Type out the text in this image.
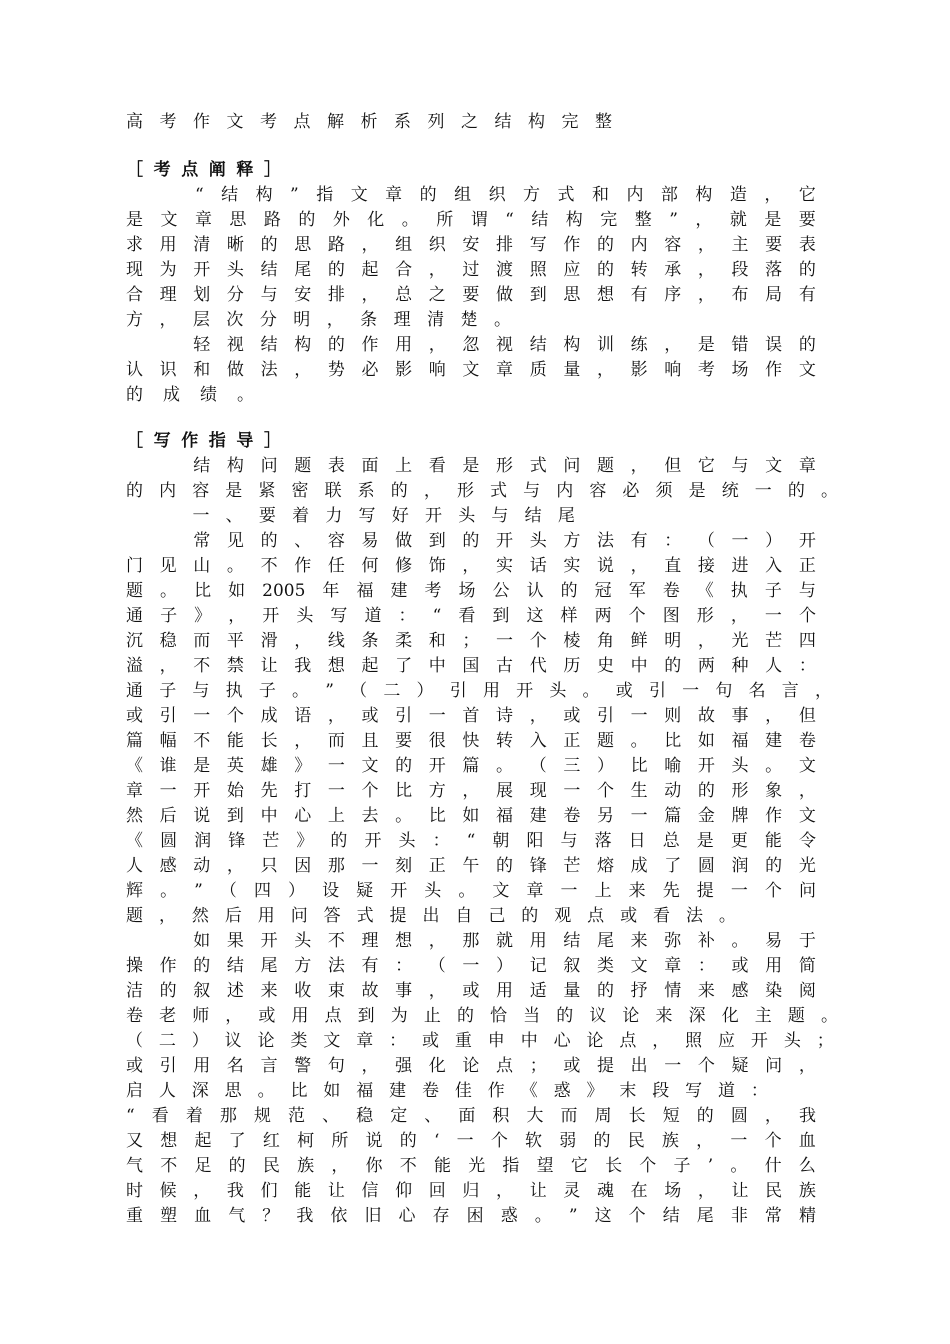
高 考 作 文 考 点 解 析 系 列 之 结 构 完 整
［ 考 点 阐 释 ］

“ 结 构 ” 指 文 章 的 组 织 方 式 和 内 部 构 造 ， 它
是 文 章 思 路 的 外 化 。 所 谓 “ 结 构 完 整 ” ， 就 是 要
求 用 清 晰 的 思 路 ， 组 织 安 排 写 作 的 内 容 ， 主 要 表
现 为 开 头 结 尾 的 起 合 ， 过 渡 照 应 的 转 承 ， 段 落 的
合 理 划 分 与 安 排 ， 总 之 要 做 到 思 想 有 序 ， 布 局 有
方 ， 层 次 分 明 ， 条 理 清 楚 。

轻 视 结 构 的 作 用 ， 忽 视 结 构 训 练 ， 是 错 误 的
认 识 和 做 法 ， 势 必 影 响 文 章 质 量 ， 影 响 考 场 作 文
的 成 绩 。
［ 写 作 指 导 ］

结 构 问 题 表 面 上 看 是 形 式 问 题 ， 但 它 与 文 章
的 内 容 是 紧 密 联 系 的 ， 形 式 与 内 容 必 须 是 统 一 的 。

一 、 要 着 力 写 好 开 头 与 结 尾

常 见 的 、 容 易 做 到 的 开 头 方 法 有 ： （ 一 ） 开
门 见 山 。 不 作 任 何 修 饰 ， 实 话 实 说 ， 直 接 进 入 正
题 。 比 如 2005 年 福 建 考 场 公 认 的 冠 军 卷 《 执 子 与
通 子 》 ， 开 头 写 道 ： “ 看 到 这 样 两 个 图 形 ， 一 个
沉 稳 而 平 滑 ， 线 条 柔 和 ； 一 个 棱 角 鲜 明 ， 光 芒 四
溢 ， 不 禁 让 我 想 起 了 中 国 古 代 历 史 中 的 两 种 人 ：
通 子 与 执 子 。 ” （ 二 ） 引 用 开 头 。 或 引 一 句 名 言 ，
或 引 一 个 成 语 ， 或 引 一 首 诗 ， 或 引 一 则 故 事 ， 但
篇 幅 不 能 长 ， 而 且 要 很 快 转 入 正 题 。 比 如 福 建 卷
《 谁 是 英 雄 》 一 文 的 开 篇 。 （ 三 ） 比 喻 开 头 。 文
章 一 开 始 先 打 一 个 比 方 ， 展 现 一 个 生 动 的 形 象 ，
然 后 说 到 中 心 上 去 。 比 如 福 建 卷 另 一 篇 金 牌 作 文
《 圆 润 锋 芒 》 的 开 头 ： “ 朝 阳 与 落 日 总 是 更 能 令
人 感 动 ， 只 因 那 一 刻 正 午 的 锋 芒 熔 成 了 圆 润 的 光
辉 。 ” （ 四 ） 设 疑 开 头 。 文 章 一 上 来 先 提 一 个 问
题 ， 然 后 用 问 答 式 提 出 自 己 的 观 点 或 看 法 。

如 果 开 头 不 理 想 ， 那 就 用 结 尾 来 弥 补 。 易 于
操 作 的 结 尾 方 法 有 ： （ 一 ） 记 叙 类 文 章 ： 或 用 简
洁 的 叙 述 来 收 束 故 事 ， 或 用 适 量 的 抒 情 来 感 染 阅
卷 老 师 ， 或 用 点 到 为 止 的 恰 当 的 议 论 来 深 化 主 题 。
（ 二 ） 议 论 类 文 章 ： 或 重 申 中 心 论 点 ， 照 应 开 头 ；
或 引 用 名 言 警 句 ， 强 化 论 点 ； 或 提 出 一 个 疑 问 ，
启 人 深 思 。 比 如 福 建 卷 佳 作 《 惑 》 末 段 写 道 ：
“ 看 着 那 规 范 、 稳 定 、 面 积 大 而 周 长 短 的 圆 ， 我
又 想 起 了 红 柯 所 说 的 ‘ 一 个 软 弱 的 民 族 ， 一 个 血
气 不 足 的 民 族 ， 你 不 能 光 指 望 它 长 个 子 ’ 。 什 么
时 候 ， 我 们 能 让 信 仰 回 归 ， 让 灵 魂 在 场 ， 让 民 族
重 塑 血 气 ？ 我 依 旧 心 存 困 惑 。 ” 这 个 结 尾 非 常 精
